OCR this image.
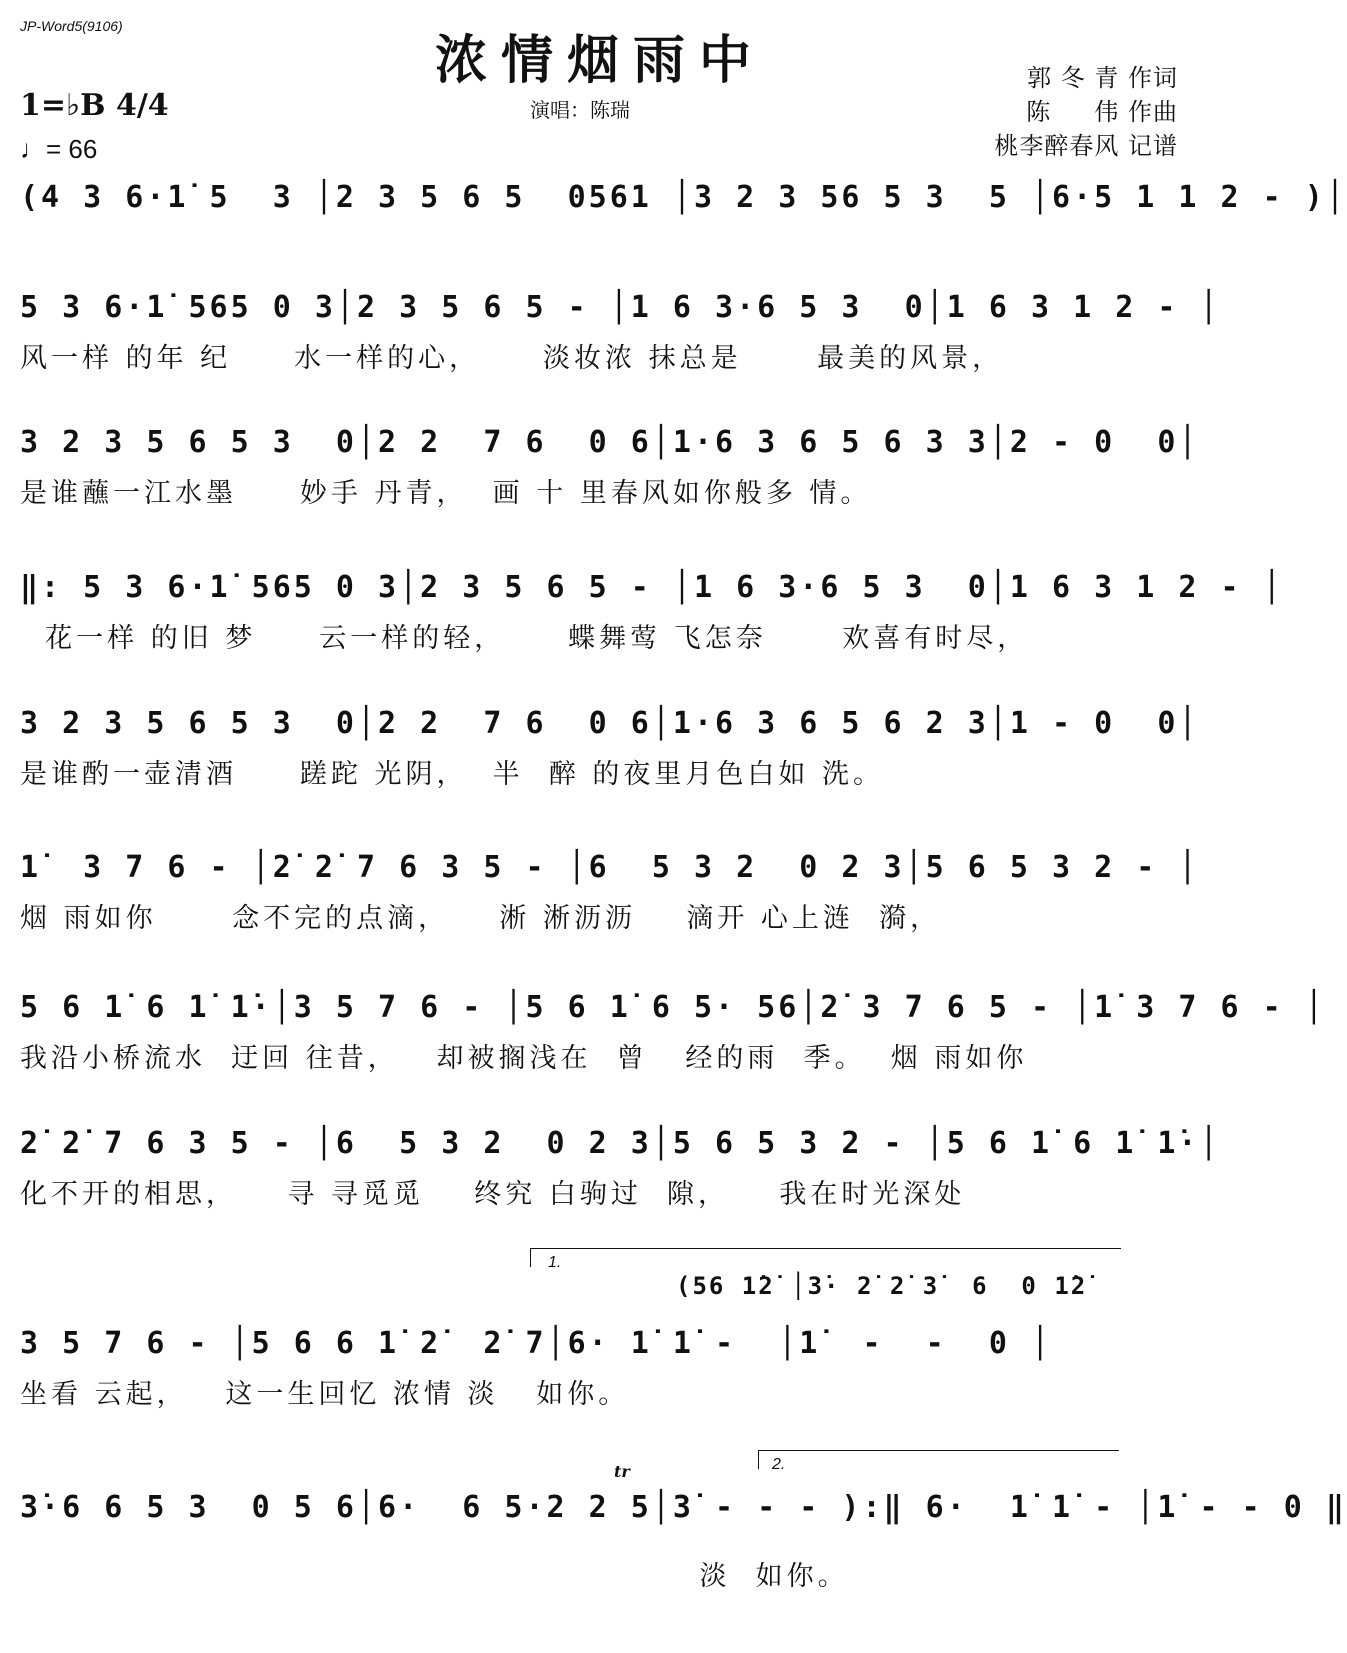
JP-Word5(9106)
浓情烟雨中
演唱：陈瑞
郭 冬 青 作词
陈     伟 作曲
桃李醉春风 记谱
1=♭B 4/4
♩= 66
(4 3 6·1̇ 5  3 │2 3 5 6 5  0561 │3 2 3 56 5 3  5 │6·5 1 1 2 - )│
5 3 6·1̇ 565 0 3│2 3 5 6 5 - │1 6 3·6 5 3  0│1 6 3 1 2 - │
风一样 的年 纪     水一样的心，     淡妆浓 抹总是      最美的风景，
3 2 3 5 6 5 3  0│2 2  7 6  0 6│1·6 3 6 5 6 3 3│2 - 0  0│
是谁蘸一江水墨     妙手 丹青，  画 十 里春风如你般多 情。
‖: 5 3 6·1̇ 565 0 3│2 3 5 6 5 - │1 6 3·6 5 3  0│1 6 3 1 2 - │
花一样 的旧 梦     云一样的轻，     蝶舞莺 飞怎奈      欢喜有时尽，
3 2 3 5 6 5 3  0│2 2  7 6  0 6│1·6 3 6 5 6 2 3│1 - 0  0│
是谁酌一壶清酒     蹉跎 光阴，  半  醉 的夜里月色白如 洗。
1̇  3 7 6 - │2̇ 2̇ 7 6 3 5 - │6  5 3 2  0 2 3│5 6 5 3 2 - │
烟 雨如你      念不完的点滴，    淅 淅沥沥    滴开 心上涟  漪，
5 6 1̇ 6 1̇ 1̇·│3 5 7 6 - │5 6 1̇ 6 5· 56│2̇ 3 7 6 5 - │1̇ 3 7 6 - │
我沿小桥流水  迂回 往昔，   却被搁浅在  曾   经的雨  季。  烟 雨如你
2̇ 2̇ 7 6 3 5 - │6  5 3 2  0 2 3│5 6 5 3 2 - │5 6 1̇ 6 1̇ 1̇·│
化不开的相思，    寻 寻觅觅    终究 白驹过  隙，    我在时光深处
1.
(56 1̇2̇ │3̇· 2̇ 2̇ 3̇  6  0 1̇2̇
3 5 7 6 - │5 6 6 1̇ 2̇  2̇ 7│6· 1̇ 1̇ -  │1̇  -  -  0 │
坐看 云起，   这一生回忆 浓情 淡   如你。
2.
tr
3̇·6 6 5 3  0 5 6│6·  6 5·2 2 5│3̇ - - - ):‖ 6·  1̇ 1̇ - │1̇ - - 0 ‖
淡  如你。
